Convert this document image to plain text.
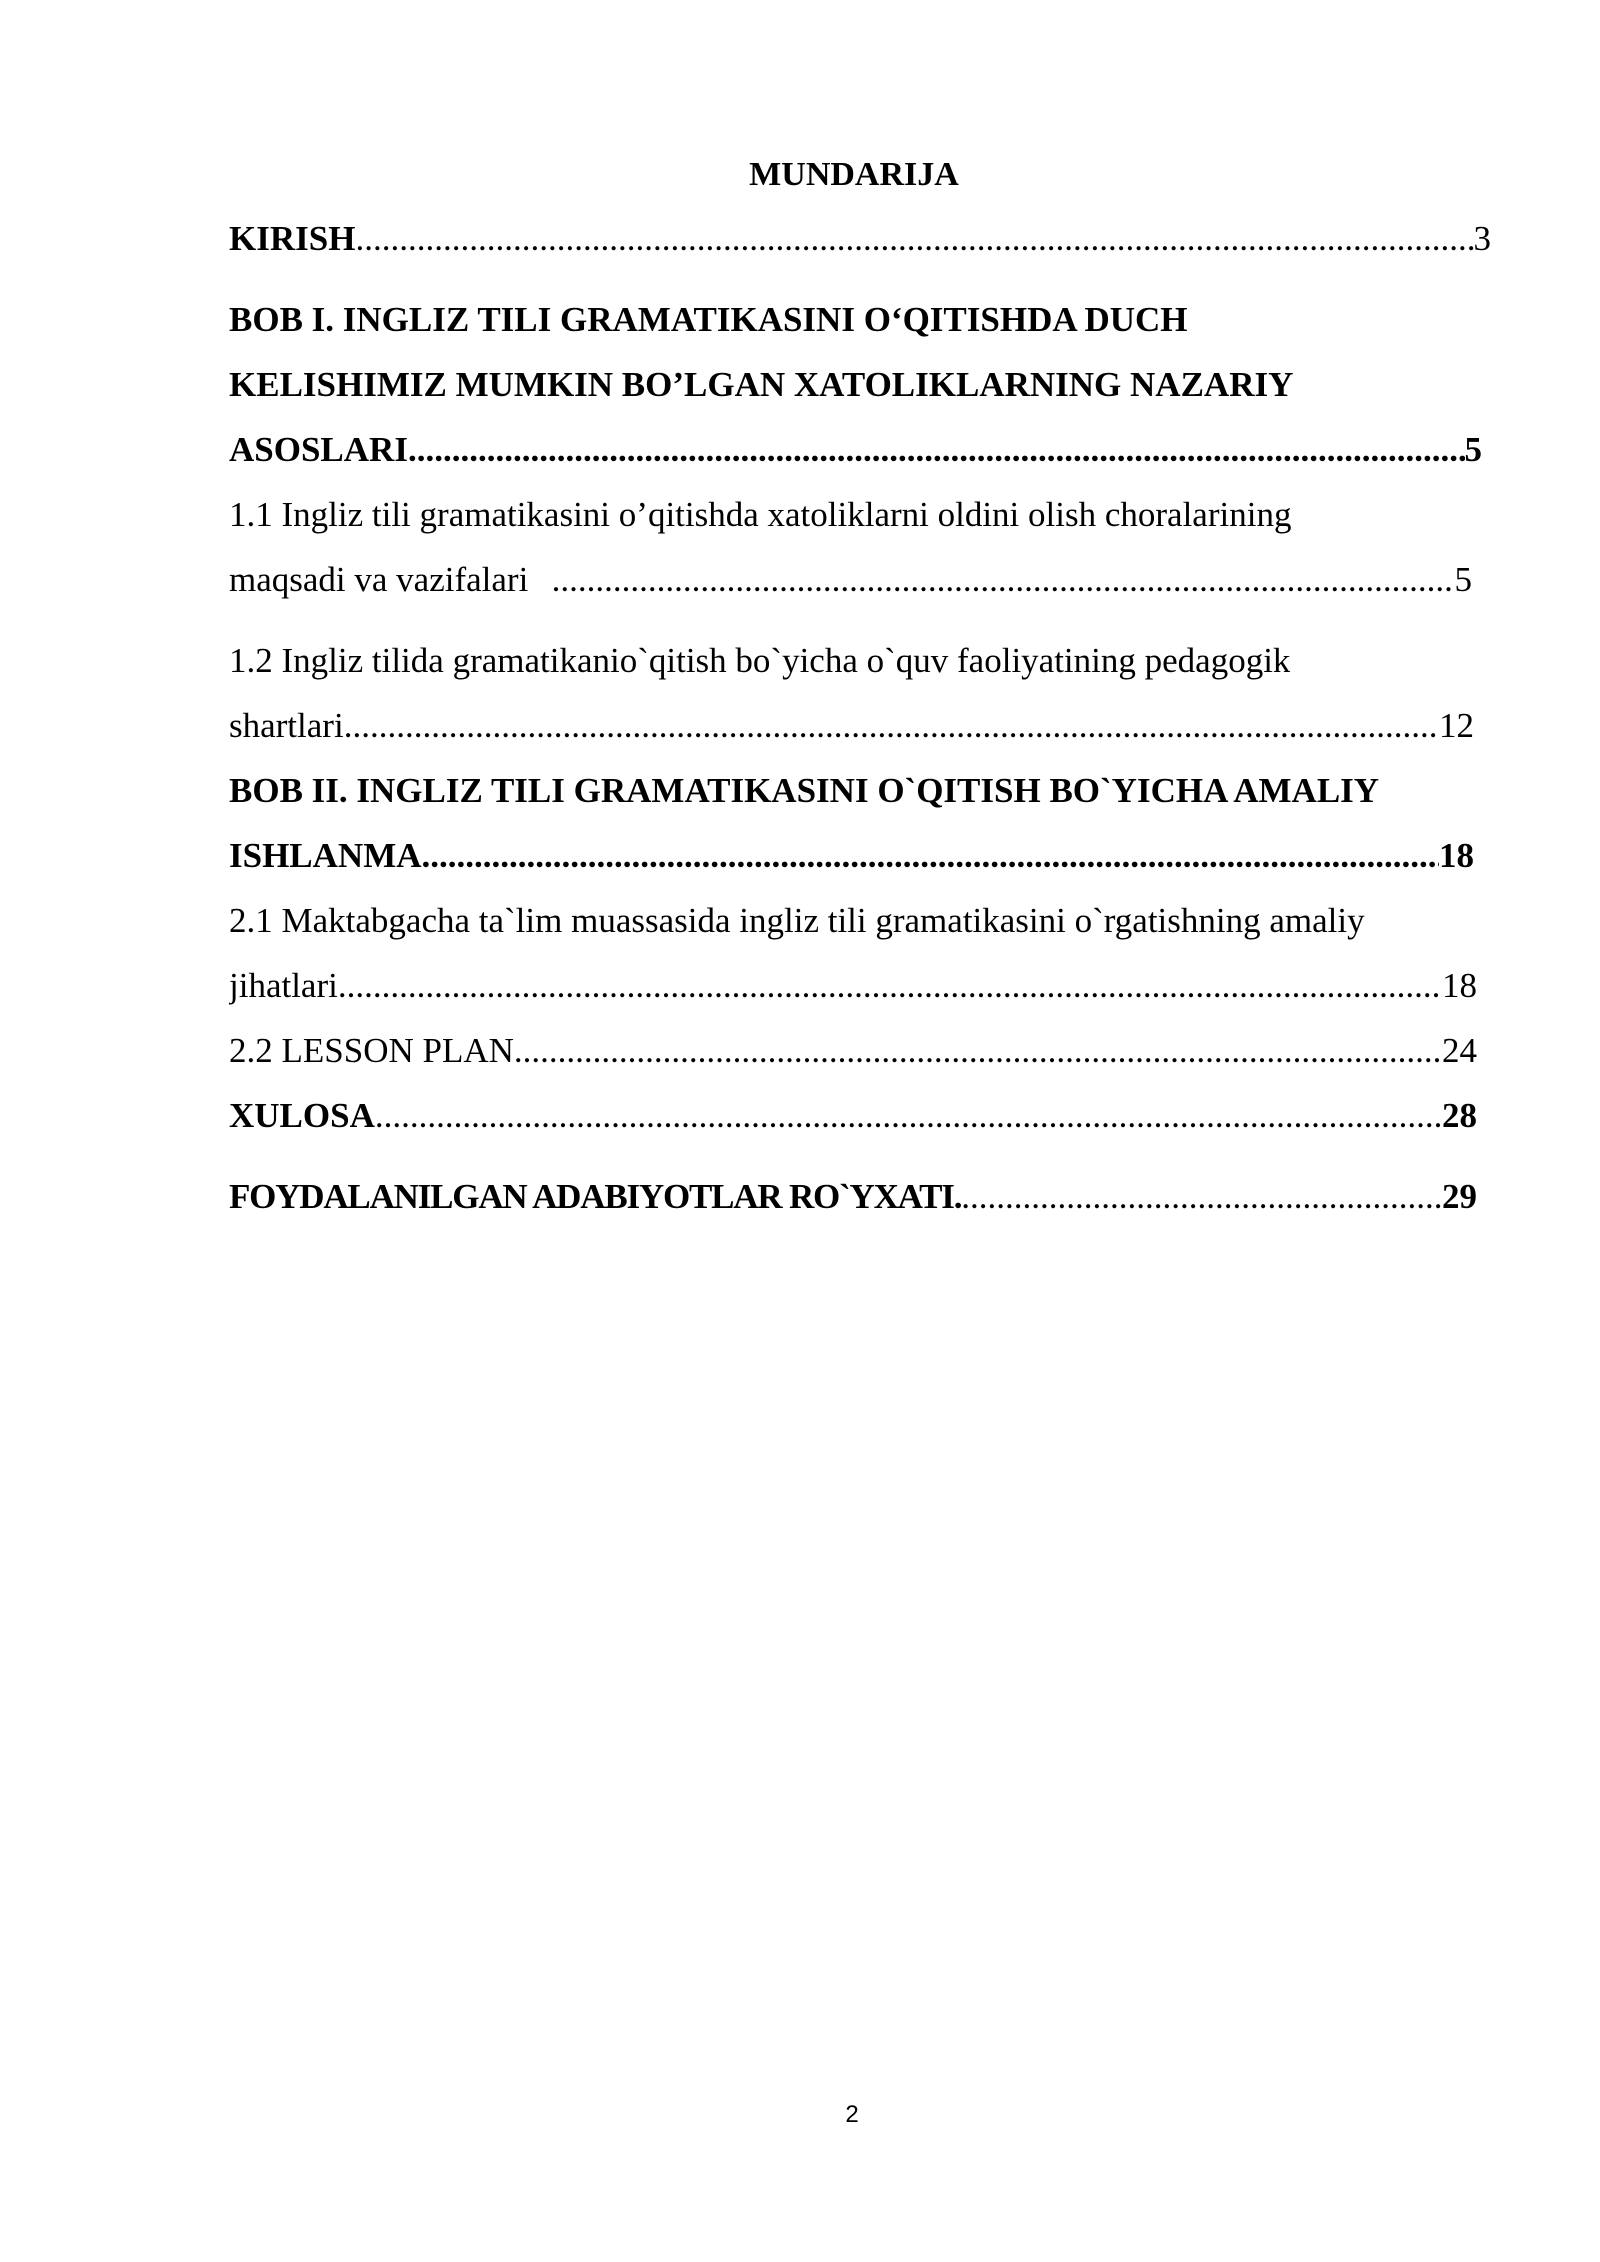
MUNDARIJA
KIRISH .....	3
BOB I. INGLIZ TILI GRAMATIKASINI O‘QITISHDA DUCH
KELISHIMIZ MUMKIN BO’LGAN XATOLIKLARNING NAZARIY
ASOSLARI .....	5
1.1 Ingliz tili gramatikasini o’qitishda xatoliklarni oldini olish choralarining
maqsadi va vazifalari .....	5
1.2 Ingliz tilida gramatikanio`qitish bo`yicha o`quv faoliyatining pedagogik
shartlari .....	12
BOB II. INGLIZ TILI GRAMATIKASINI O`QITISH BO`YICHA AMALIY
ISHLANMA .....	18
2.1 Maktabgacha ta`lim muassasida ingliz tili gramatikasini o`rgatishning amaliy
jihatlari .....	18
2.2 LESSON PLAN .....	24
XULOSA .....	28
FOYDALANILGAN ADABIYOTLAR RO`YXATI. .....	29
2
